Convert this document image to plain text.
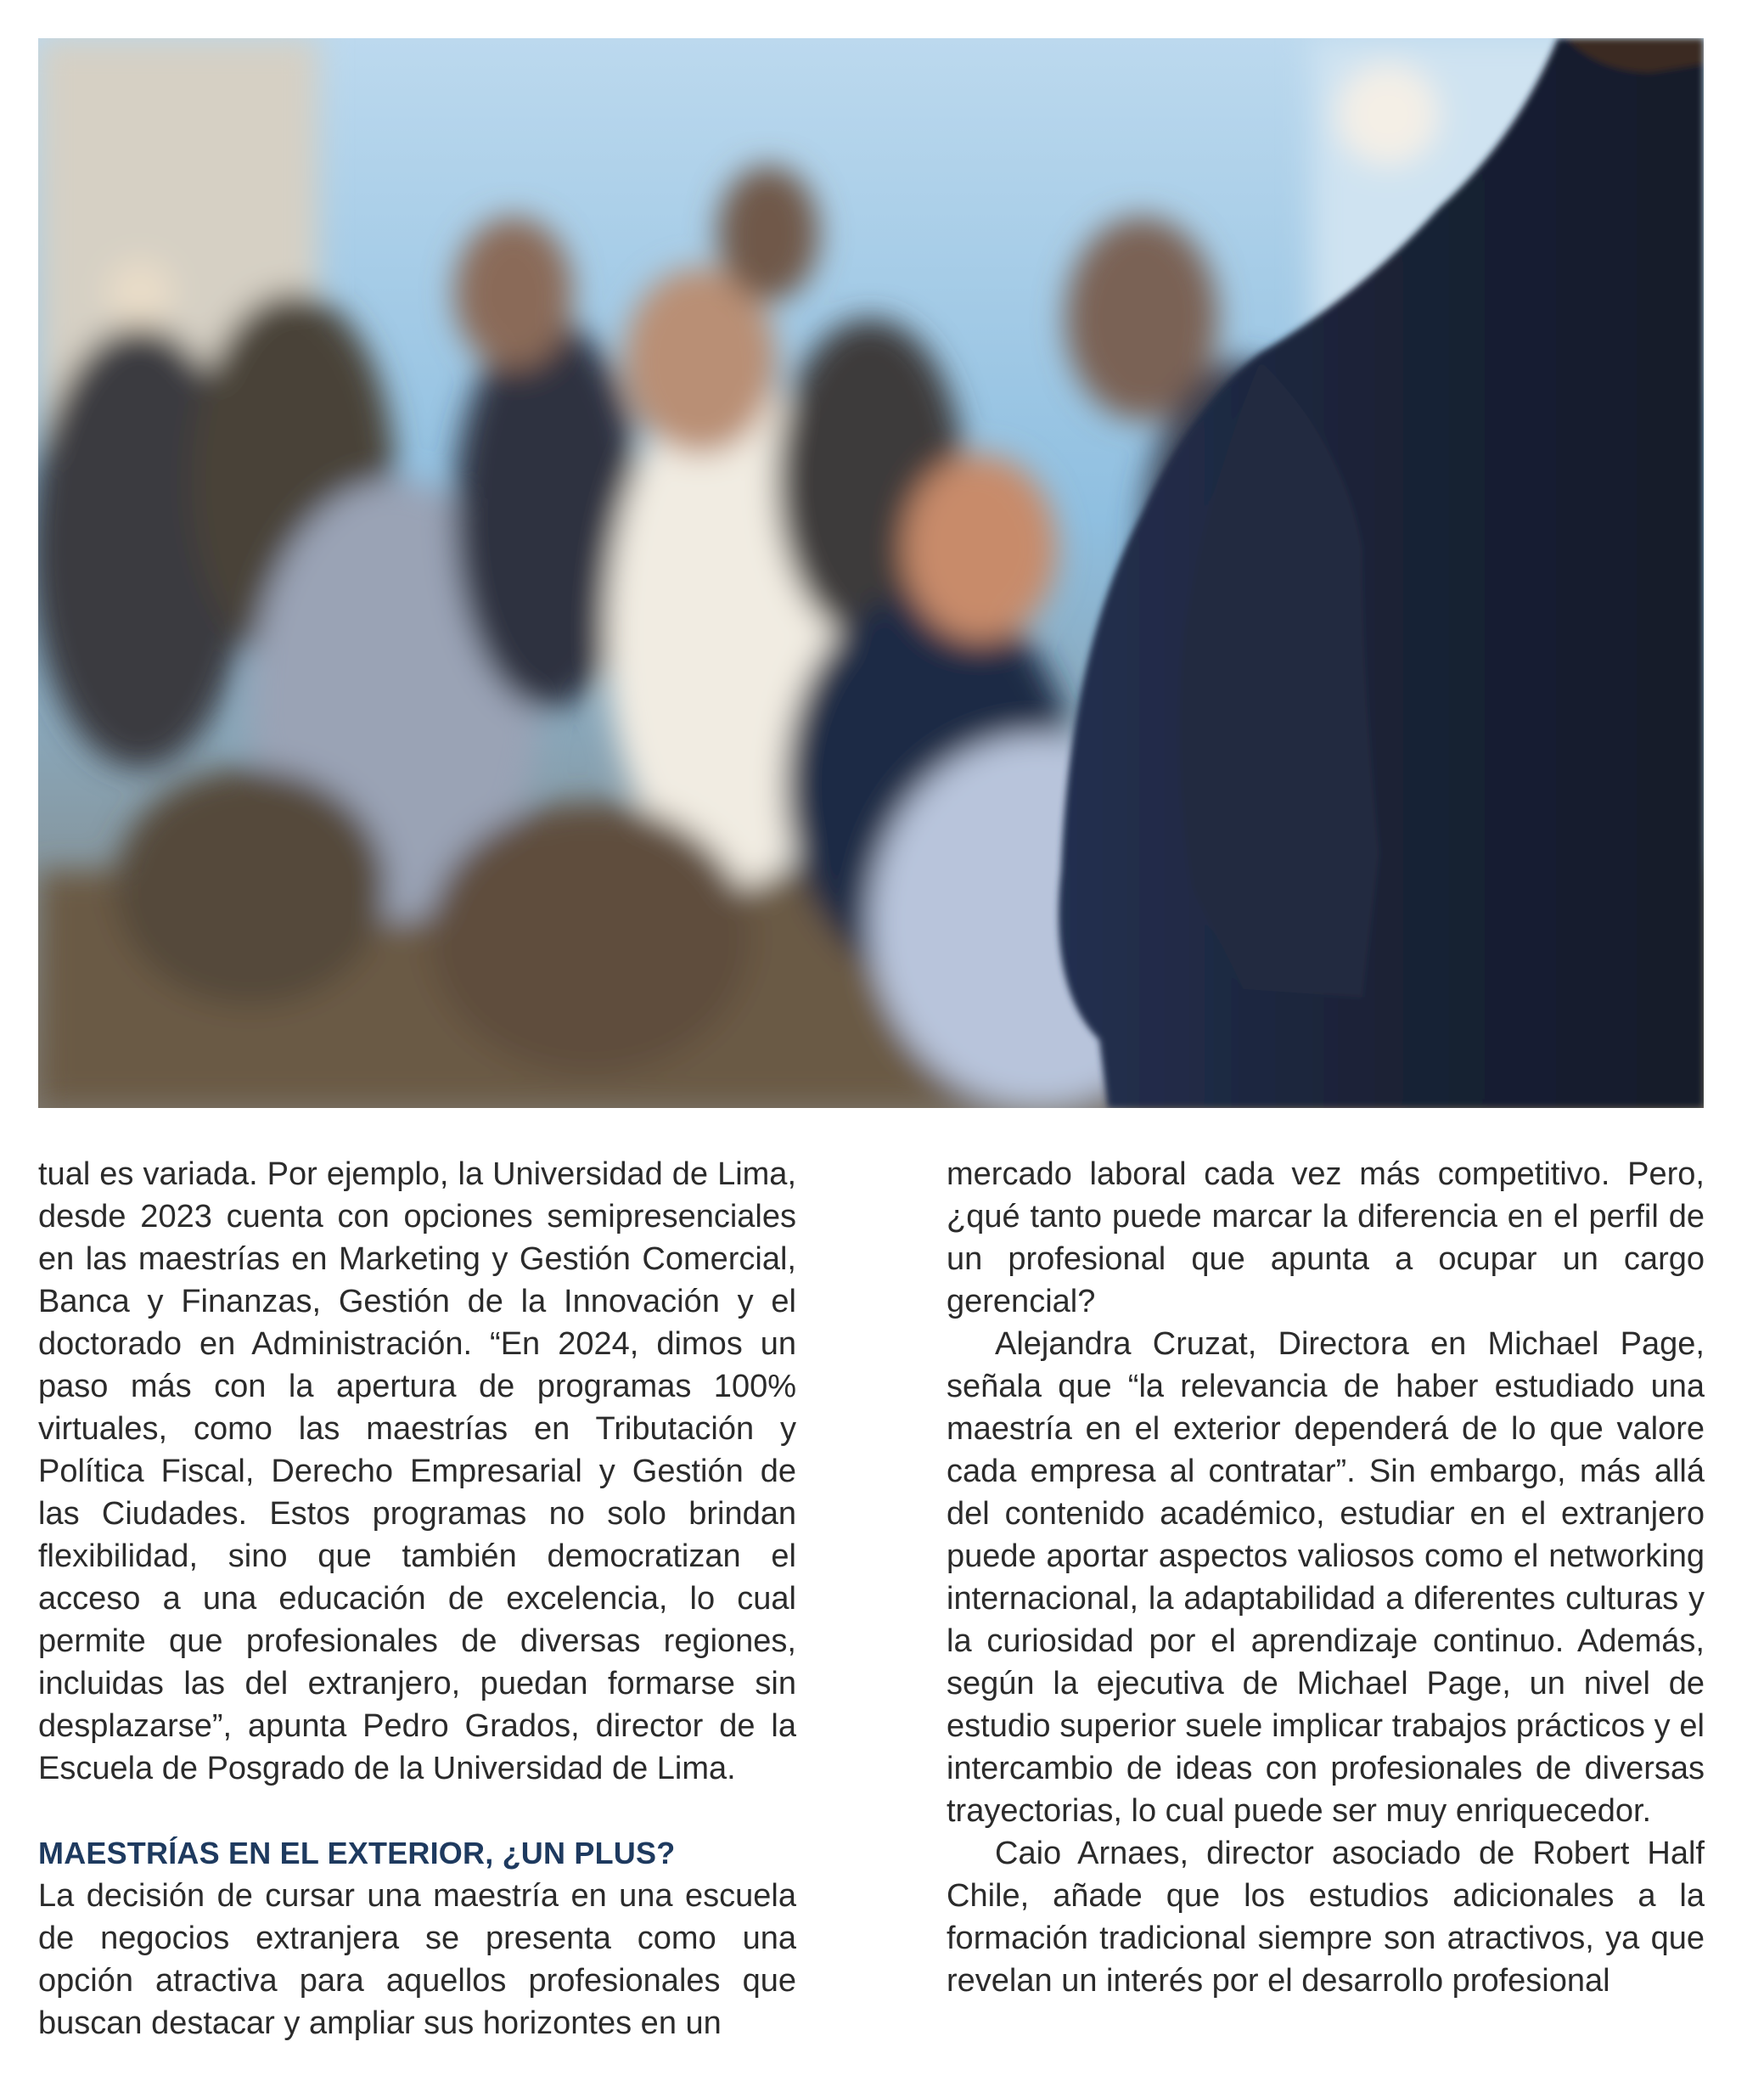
tual es variada. Por ejemplo, la Universidad de Lima, desde 2023 cuenta con opciones semipresenciales en las maestrías en Marketing y Gestión Comercial, Banca y Finanzas, Gestión de la Innovación y el doctorado en Administración. “En 2024, dimos un paso más con la apertura de programas 100% virtuales, como las maestrías en Tributación y Política Fiscal, Derecho Empresarial y Gestión de las Ciudades. Estos programas no solo brindan flexibilidad, sino que también democratizan el acceso a una educación de excelencia, lo cual permite que profesionales de diversas regiones, incluidas las del extranjero, puedan formarse sin desplazarse”, apunta Pedro Grados, director de la Escuela de Posgrado de la Universidad de Lima.

MAESTRÍAS EN EL EXTERIOR, ¿UN PLUS?

La decisión de cursar una maestría en una escuela de negocios extranjera se presenta como una opción atractiva para aquellos profesionales que buscan destacar y ampliar sus horizontes en un

mercado laboral cada vez más competitivo. Pero, ¿qué tanto puede marcar la diferencia en el perfil de un profesional que apunta a ocupar un cargo gerencial?

Alejandra Cruzat, Directora en Michael Page, señala que “la relevancia de haber estudiado una maestría en el exterior dependerá de lo que valore cada empresa al contratar”. Sin embargo, más allá del contenido académico, estudiar en el extranjero puede aportar aspectos valiosos como el networking internacional, la adaptabilidad a diferentes culturas y la curiosidad por el aprendizaje continuo. Además, según la ejecutiva de Michael Page, un nivel de estudio superior suele implicar trabajos prácticos y el intercambio de ideas con profesionales de diversas trayectorias, lo cual puede ser muy enriquecedor.

Caio Arnaes, director asociado de Robert Half Chile, añade que los estudios adicionales a la formación tradicional siempre son atractivos, ya que revelan un interés por el desarrollo profesional
